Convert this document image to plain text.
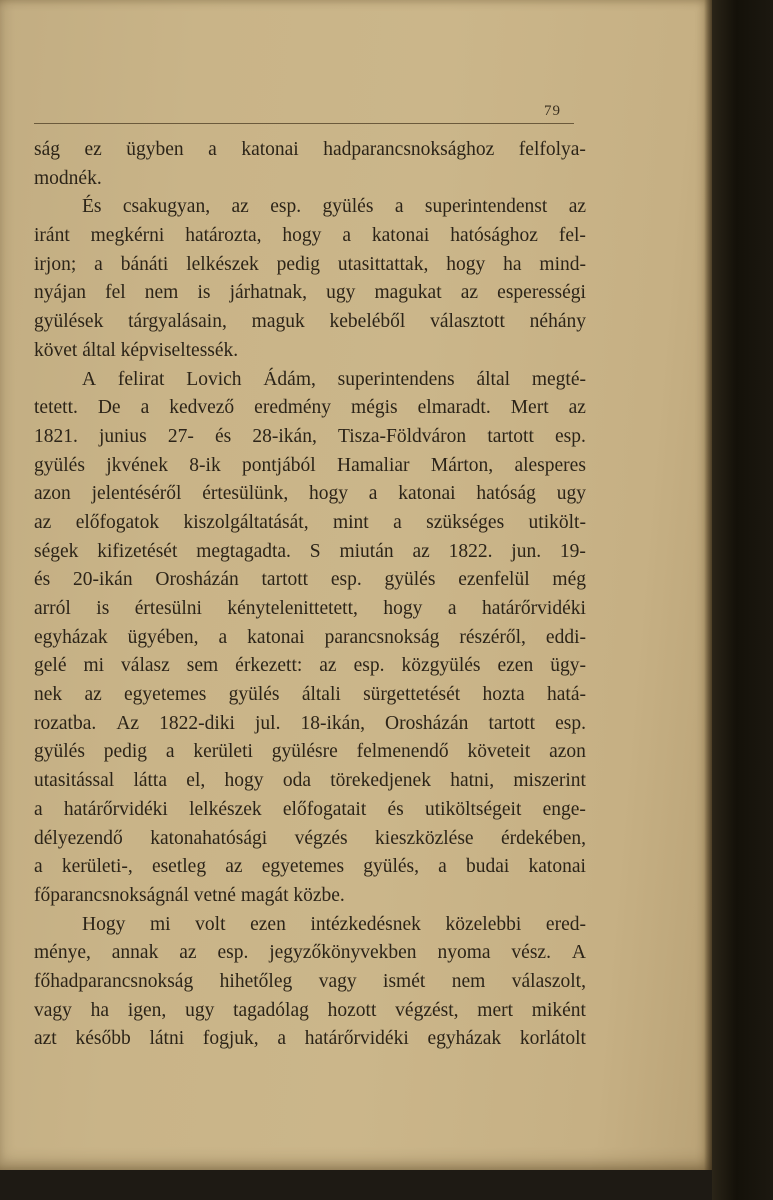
79
ság ez ügyben a katonai hadparancsnoksághoz felfolya-
modnék.
És csakugyan, az esp. gyülés a superintendenst az
iránt megkérni határozta, hogy a katonai hatósághoz fel-
irjon; a bánáti lelkészek pedig utasittattak, hogy ha mind-
nyájan fel nem is járhatnak, ugy magukat az esperességi
gyülések tárgyalásain, maguk kebeléből választott néhány
követ által képviseltessék.
A felirat Lovich Ádám, superintendens által megté-
tetett. De a kedvező eredmény mégis elmaradt. Mert az
1821. junius 27- és 28-ikán, Tisza-Földváron tartott esp.
gyülés jkvének 8-ik pontjából Hamaliar Márton, alesperes
azon jelentéséről értesülünk, hogy a katonai hatóság ugy
az előfogatok kiszolgáltatását, mint a szükséges utikölt-
ségek kifizetését megtagadta. S miután az 1822. jun. 19-
és 20-ikán Orosházán tartott esp. gyülés ezenfelül még
arról is értesülni kénytelenittetett, hogy a határőrvidéki
egyházak ügyében, a katonai parancsnokság részéről, eddi-
gelé mi válasz sem érkezett: az esp. közgyülés ezen ügy-
nek az egyetemes gyülés általi sürgettetését hozta hatá-
rozatba. Az 1822-diki jul. 18-ikán, Orosházán tartott esp.
gyülés pedig a kerületi gyülésre felmenendő követeit azon
utasitással látta el, hogy oda törekedjenek hatni, miszerint
a határőrvidéki lelkészek előfogatait és utiköltségeit enge-
délyezendő katonahatósági végzés kieszközlése érdekében,
a kerületi-, esetleg az egyetemes gyülés, a budai katonai
főparancsnokságnál vetné magát közbe.
Hogy mi volt ezen intézkedésnek közelebbi ered-
ménye, annak az esp. jegyzőkönyvekben nyoma vész. A
főhadparancsnokság hihetőleg vagy ismét nem válaszolt,
vagy ha igen, ugy tagadólag hozott végzést, mert miként
azt később látni fogjuk, a határőrvidéki egyházak korlátolt
